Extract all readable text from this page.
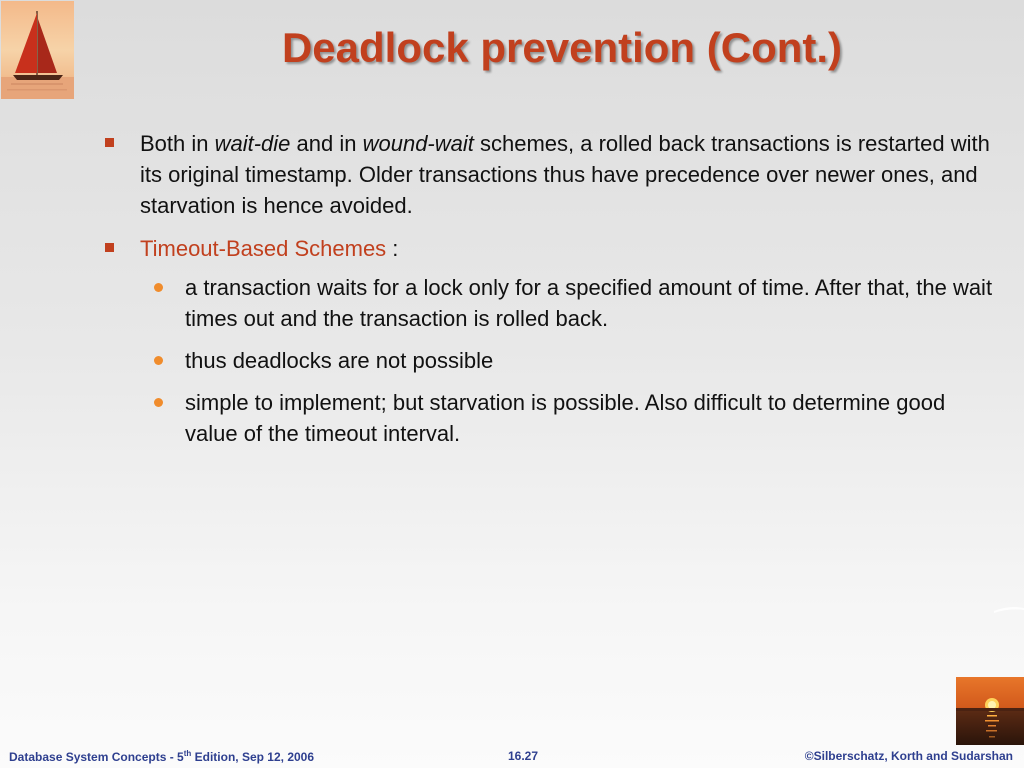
Deadlock prevention (Cont.)
Both in wait-die and in wound-wait schemes, a rolled back transactions is restarted with its original timestamp. Older transactions thus have precedence over newer ones, and starvation is hence avoided.
Timeout-Based Schemes :
a transaction waits for a lock only for a specified amount of time. After that, the wait times out and the transaction is rolled back.
thus deadlocks are not possible
simple to implement; but starvation is possible. Also difficult to determine good value of the timeout interval.
Database System Concepts - 5th Edition, Sep 12, 2006	16.27	©Silberschatz, Korth and Sudarshan
